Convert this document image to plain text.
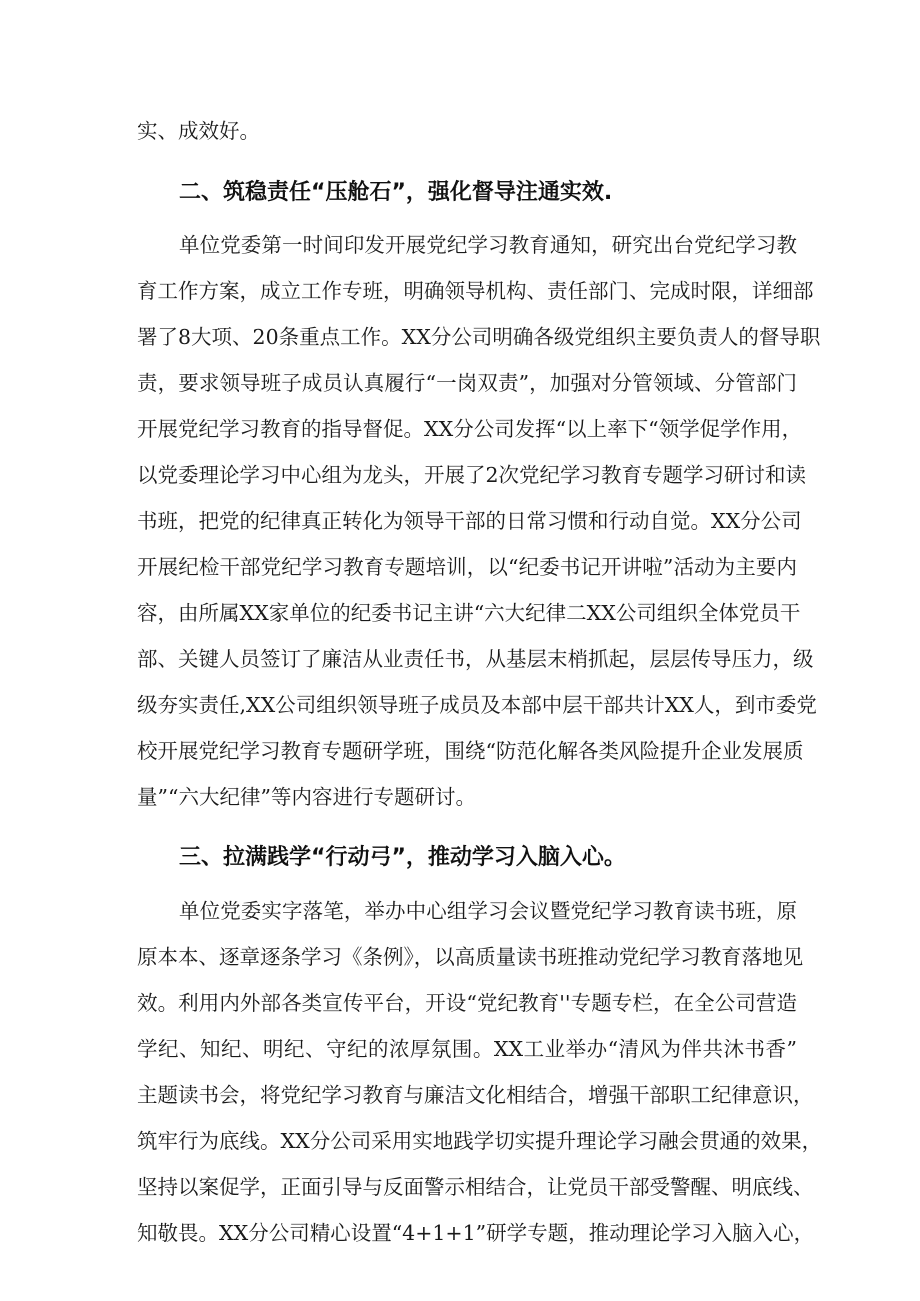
实、成效好。
二、筑稳责任“压舱石”，强化督导注通实效.
单位党委第一时间印发开展党纪学习教育通知，研究出台党纪学习教
育工作方案，成立工作专班，明确领导机构、责任部门、完成时限，详细部
署了8大项、20条重点工作。XX分公司明确各级党组织主要负责人的督导职
责，要求领导班子成员认真履行“一岗双责”，加强对分管领域、分管部门
开展党纪学习教育的指导督促。XX分公司发挥“以上率下“领学促学作用，
以党委理论学习中心组为龙头，开展了2次党纪学习教育专题学习研讨和读
书班，把党的纪律真正转化为领导干部的日常习惯和行动自觉。XX分公司
开展纪检干部党纪学习教育专题培训，以“纪委书记开讲啦”活动为主要内
容，由所属XX家单位的纪委书记主讲“六大纪律二XX公司组织全体党员干
部、关键人员签订了廉洁从业责任书，从基层末梢抓起，层层传导压力，级
级夯实责任,XX公司组织领导班子成员及本部中层干部共计XX人，到市委党
校开展党纪学习教育专题研学班，围绕“防范化解各类风险提升企业发展质
量”“六大纪律”等内容进行专题研讨。
三、拉满践学“行动弓”，推动学习入脑入心。
单位党委实字落笔，举办中心组学习会议暨党纪学习教育读书班，原
原本本、逐章逐条学习《条例》，以高质量读书班推动党纪学习教育落地见
效。利用内外部各类宣传平台，开设“党纪教育''专题专栏，在全公司营造
学纪、知纪、明纪、守纪的浓厚氛围。XX工业举办“清风为伴共沐书香”
主题读书会，将党纪学习教育与廉洁文化相结合，增强干部职工纪律意识，
筑牢行为底线。XX分公司采用实地践学切实提升理论学习融会贯通的效果，
坚持以案促学，正面引导与反面警示相结合，让党员干部受警醒、明底线、
知敬畏。XX分公司精心设置“4+1+1”研学专题，推动理论学习入脑入心，
